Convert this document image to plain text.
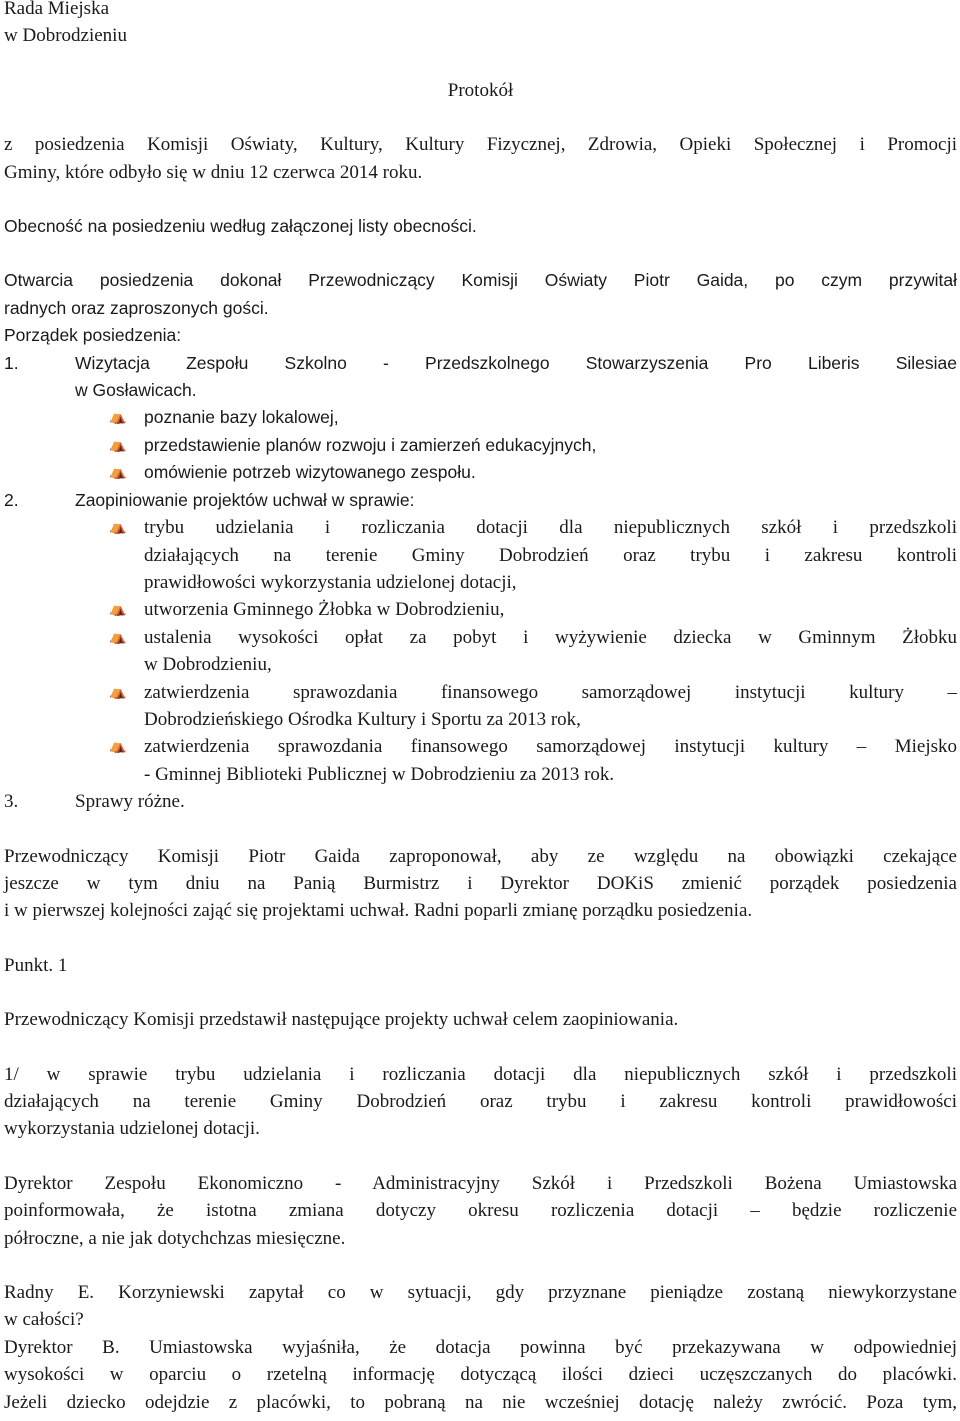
Rada Miejska

w Dobrodzieniu

Protokół

z posiedzenia Komisji Oświaty, Kultury, Kultury Fizycznej, Zdrowia, Opieki Społecznej i Promocji

Gminy, które odbyło się w dniu 12 czerwca 2014 roku.

Obecność na posiedzeniu według załączonej listy obecności.

Otwarcia posiedzenia dokonał Przewodniczący Komisji Oświaty Piotr Gaida, po czym przywitał

radnych oraz zaproszonych gości.

Porządek posiedzenia:

1.	Wizytacja Zespołu Szkolno - Przedszkolnego Stowarzyszenia Pro Liberis Silesiae

w Gosławicach.

⛺ poznanie bazy lokalowej,

⛺ przedstawienie planów rozwoju i zamierzeń edukacyjnych,

⛺ omówienie potrzeb wizytowanego zespołu.

2.	Zaopiniowanie projektów uchwał w sprawie:

⛺ trybu udzielania i rozliczania dotacji dla niepublicznych szkół i przedszkoli

działających na terenie Gminy Dobrodzień oraz trybu i zakresu kontroli

prawidłowości wykorzystania udzielonej dotacji,

⛺ utworzenia Gminnego Żłobka w Dobrodzieniu,

⛺ ustalenia wysokości opłat za pobyt i wyżywienie dziecka w Gminnym Żłobku

w Dobrodzieniu,

⛺ zatwierdzenia sprawozdania finansowego samorządowej instytucji kultury –

Dobrodzieńskiego Ośrodka Kultury i Sportu za 2013 rok,

⛺ zatwierdzenia sprawozdania finansowego samorządowej instytucji kultury – Miejsko

- Gminnej Biblioteki Publicznej w Dobrodzieniu za 2013 rok.

3.	Sprawy różne.

Przewodniczący Komisji Piotr Gaida zaproponował, aby ze względu na obowiązki czekające

jeszcze w tym dniu na Panią Burmistrz i Dyrektor DOKiS zmienić porządek posiedzenia

i w pierwszej kolejności zająć się projektami uchwał. Radni poparli zmianę porządku posiedzenia.

Punkt. 1

Przewodniczący Komisji przedstawił następujące projekty uchwał celem zaopiniowania.

1/ w sprawie trybu udzielania i rozliczania dotacji dla niepublicznych szkół i przedszkoli

działających na terenie Gminy Dobrodzień oraz trybu i zakresu kontroli prawidłowości

wykorzystania udzielonej dotacji.

Dyrektor Zespołu Ekonomiczno - Administracyjny Szkół i Przedszkoli Bożena Umiastowska

poinformowała, że istotna zmiana dotyczy okresu rozliczenia dotacji – będzie rozliczenie

półroczne, a nie jak dotychchzas miesięczne.

Radny E. Korzyniewski zapytał co w sytuacji, gdy przyznane pieniądze zostaną niewykorzystane

w całości?

Dyrektor B. Umiastowska wyjaśniła, że dotacja powinna być przekazywana w odpowiedniej

wysokości w oparciu o rzetelną informację dotyczącą ilości dzieci uczęszczanych do placówki.

Jeżeli dziecko odejdzie z placówki, to pobraną na nie wcześniej dotację należy zwrócić. Poza tym,
